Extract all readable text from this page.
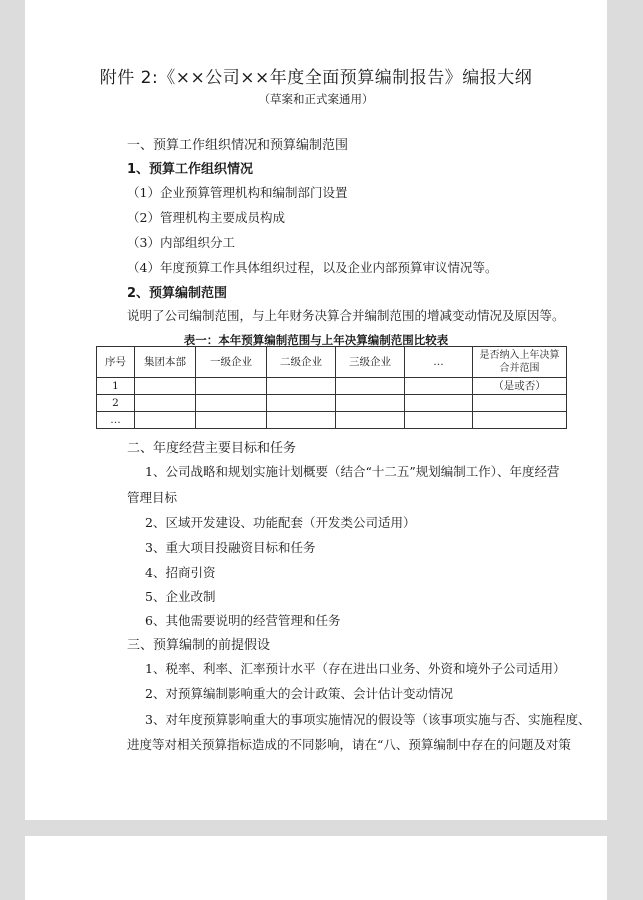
附件 2:《××公司××年度全面预算编制报告》编报大纲
（草案和正式案通用）
一、预算工作组织情况和预算编制范围
1、预算工作组织情况
（1）企业预算管理机构和编制部门设置
（2）管理机构主要成员构成
（3）内部组织分工
（4）年度预算工作具体组织过程，以及企业内部预算审议情况等。
2、预算编制范围
说明了公司编制范围，与上年财务决算合并编制范围的增减变动情况及原因等。
表一：本年预算编制范围与上年决算编制范围比较表
序号	集团本部	一级企业	二级企业	三级企业	…	是否纳入上年决算合并范围
1						（是或否）
2						
…						
二、年度经营主要目标和任务
1、公司战略和规划实施计划概要（结合“十二五”规划编制工作）、年度经营
管理目标
2、区域开发建设、功能配套（开发类公司适用）
3、重大项目投融资目标和任务
4、招商引资
5、企业改制
6、其他需要说明的经营管理和任务
三、预算编制的前提假设
1、税率、利率、汇率预计水平（存在进出口业务、外资和境外子公司适用）
2、对预算编制影响重大的会计政策、会计估计变动情况
3、对年度预算影响重大的事项实施情况的假设等（该事项实施与否、实施程度、
进度等对相关预算指标造成的不同影响，请在“八、预算编制中存在的问题及对策
